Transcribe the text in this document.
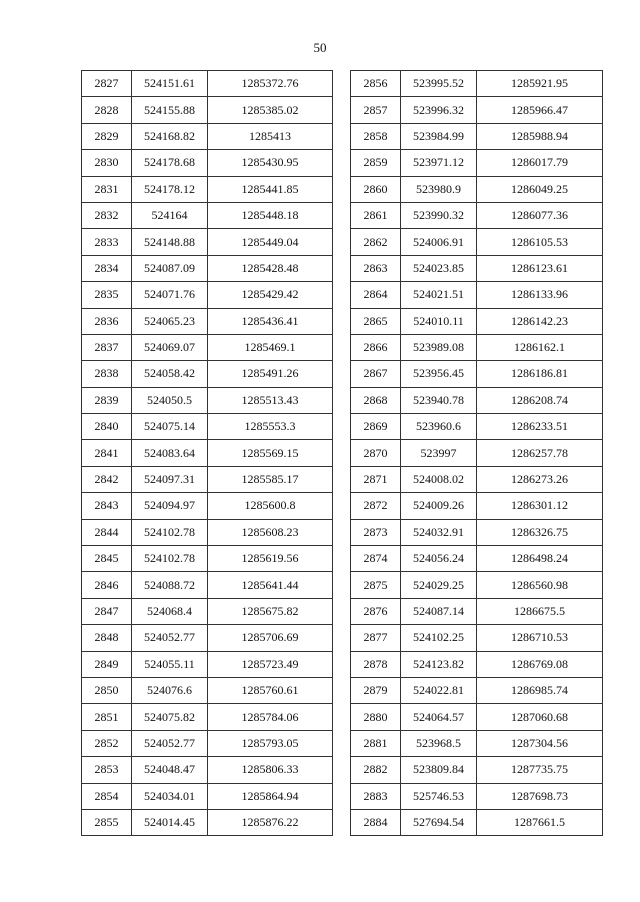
50
2827	524151.61	1285372.76
2828	524155.88	1285385.02
2829	524168.82	1285413
2830	524178.68	1285430.95
2831	524178.12	1285441.85
2832	524164	1285448.18
2833	524148.88	1285449.04
2834	524087.09	1285428.48
2835	524071.76	1285429.42
2836	524065.23	1285436.41
2837	524069.07	1285469.1
2838	524058.42	1285491.26
2839	524050.5	1285513.43
2840	524075.14	1285553.3
2841	524083.64	1285569.15
2842	524097.31	1285585.17
2843	524094.97	1285600.8
2844	524102.78	1285608.23
2845	524102.78	1285619.56
2846	524088.72	1285641.44
2847	524068.4	1285675.82
2848	524052.77	1285706.69
2849	524055.11	1285723.49
2850	524076.6	1285760.61
2851	524075.82	1285784.06
2852	524052.77	1285793.05
2853	524048.47	1285806.33
2854	524034.01	1285864.94
2855	524014.45	1285876.22
2856	523995.52	1285921.95
2857	523996.32	1285966.47
2858	523984.99	1285988.94
2859	523971.12	1286017.79
2860	523980.9	1286049.25
2861	523990.32	1286077.36
2862	524006.91	1286105.53
2863	524023.85	1286123.61
2864	524021.51	1286133.96
2865	524010.11	1286142.23
2866	523989.08	1286162.1
2867	523956.45	1286186.81
2868	523940.78	1286208.74
2869	523960.6	1286233.51
2870	523997	1286257.78
2871	524008.02	1286273.26
2872	524009.26	1286301.12
2873	524032.91	1286326.75
2874	524056.24	1286498.24
2875	524029.25	1286560.98
2876	524087.14	1286675.5
2877	524102.25	1286710.53
2878	524123.82	1286769.08
2879	524022.81	1286985.74
2880	524064.57	1287060.68
2881	523968.5	1287304.56
2882	523809.84	1287735.75
2883	525746.53	1287698.73
2884	527694.54	1287661.5
